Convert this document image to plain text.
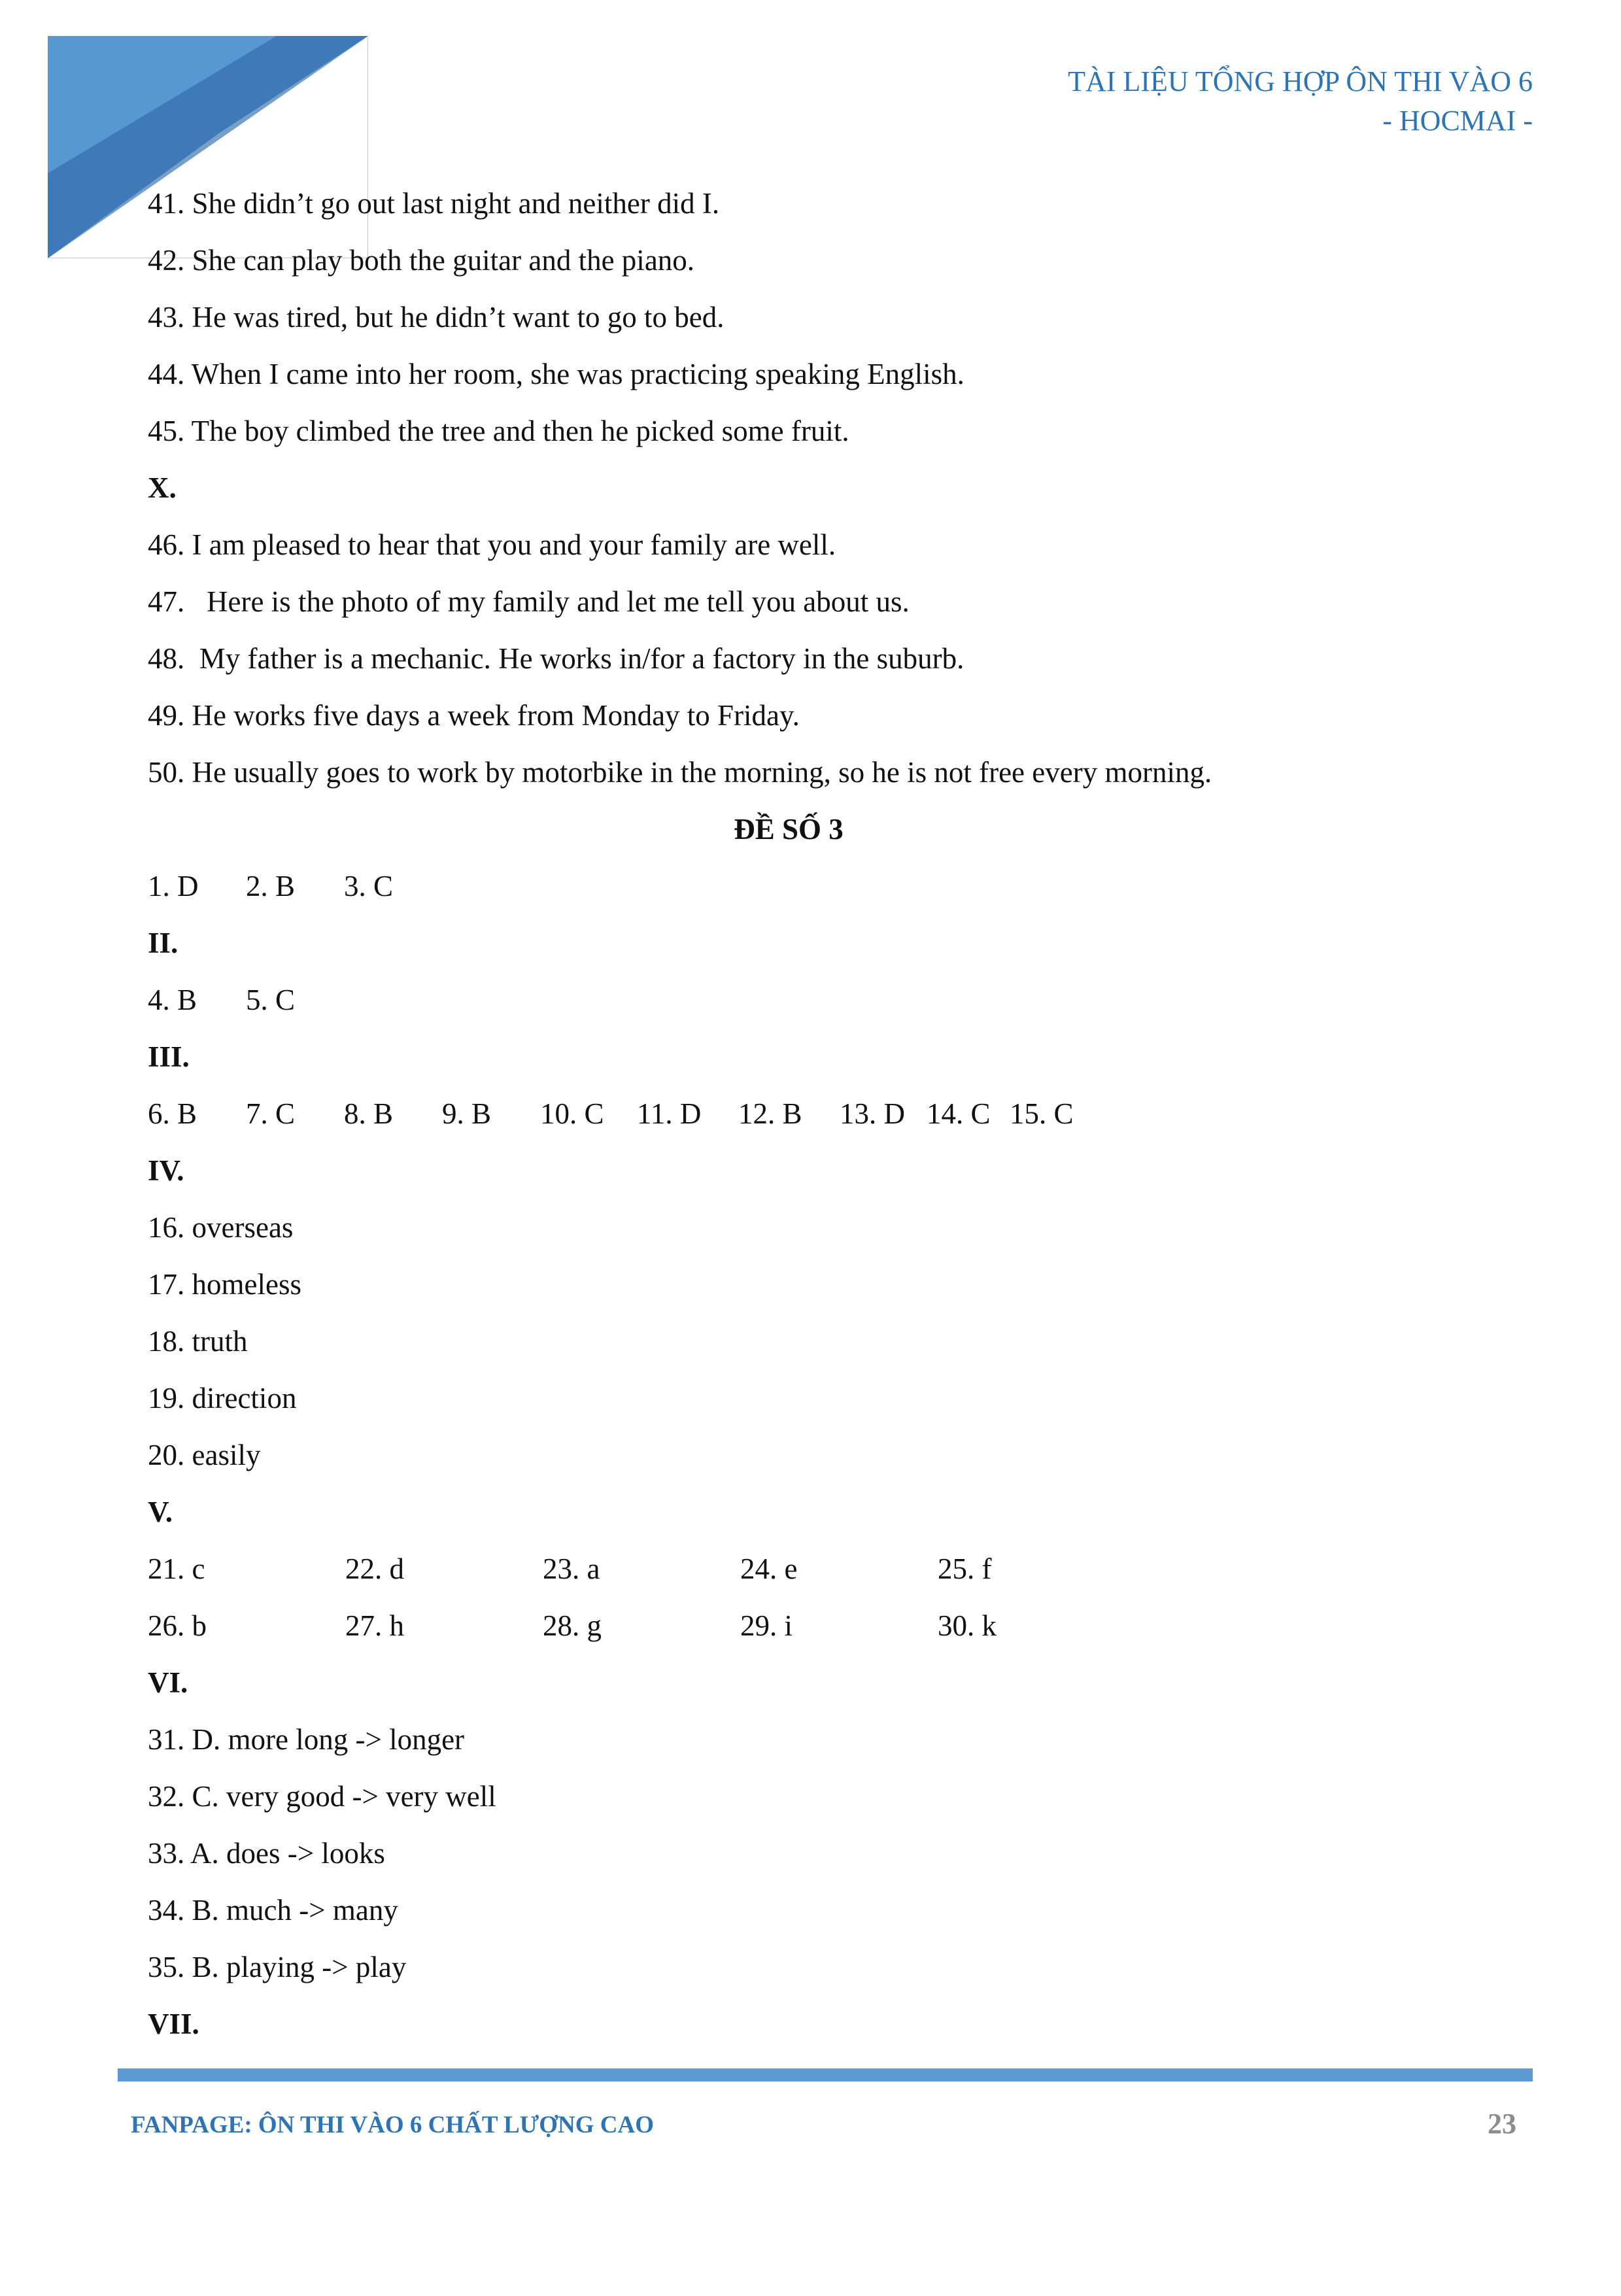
TÀI LIỆU TỔNG HỢP ÔN THI VÀO 6
- HOCMAI -
41. She didn’t go out last night and neither did I.
42. She can play both the guitar and the piano.
43. He was tired, but he didn’t want to go to bed.
44. When I came into her room, she was practicing speaking English.
45. The boy climbed the tree and then he picked some fruit.
X.
46. I am pleased to hear that you and your family are well.
47.   Here is the photo of my family and let me tell you about us.
48.  My father is a mechanic. He works in/for a factory in the suburb.
49. He works five days a week from Monday to Friday.
50. He usually goes to work by motorbike in the morning, so he is not free every morning.
ĐỀ SỐ 3
1. D 2. B 3. C
II.
4. B 5. C
III.
6. B 7. C 8. B 9. B 10. C 11. D 12. B 13. D 14. C 15. C
IV.
16. overseas
17. homeless
18. truth
19. direction
20. easily
V.
21. c	22. d	23. a	24. e	25. f
26. b	27. h	28. g	29. i	30. k
VI.
31. D. more long -> longer
32. C. very good -> very well
33. A. does -> looks
34. B. much -> many
35. B. playing -> play
VII.
FANPAGE: ÔN THI VÀO 6 CHẤT LƯỢNG CAO	23
